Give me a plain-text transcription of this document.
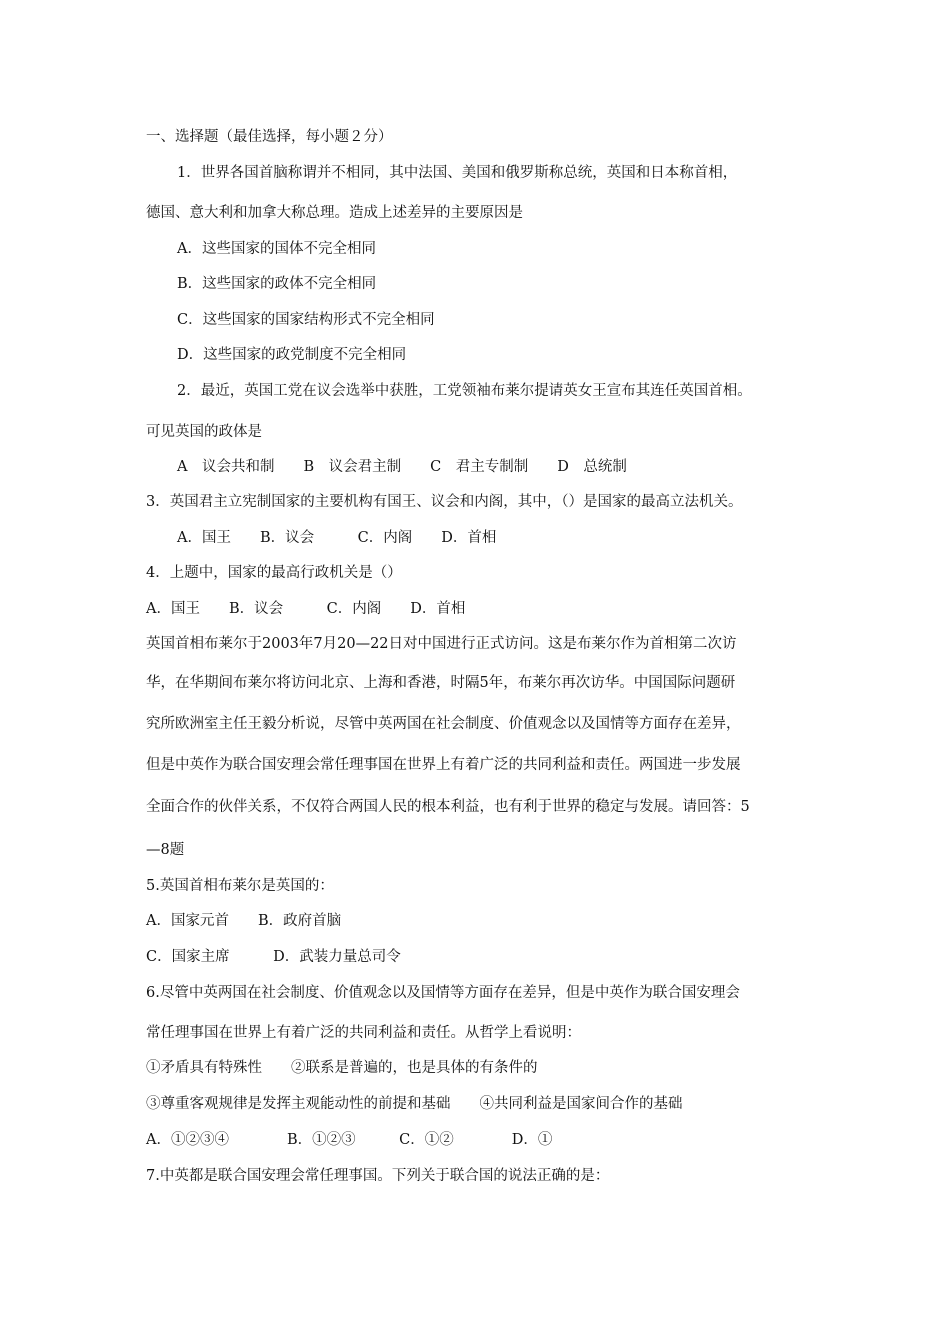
一、选择题（最佳选择，每小题２分）
1．世界各国首脑称谓并不相同，其中法国、美国和俄罗斯称总统，英国和日本称首相，
德国、意大利和加拿大称总理。造成上述差异的主要原因是
A．这些国家的国体不完全相同
B．这些国家的政体不完全相同
C．这些国家的国家结构形式不完全相同
D．这些国家的政党制度不完全相同
2．最近，英国工党在议会选举中获胜，工党领袖布莱尔提请英女王宣布其连任英国首相。
可见英国的政体是
A　议会共和制　　B　议会君主制　　C　君主专制制　　D　总统制
3．英国君主立宪制国家的主要机构有国王、议会和内阁，其中，（）是国家的最高立法机关。
A．国王　　B．议会　　　C．内阁　　D．首相
4．上题中，国家的最高行政机关是（）
A．国王　　B．议会　　　C．内阁　　D．首相
英国首相布莱尔于2003年7月20—22日对中国进行正式访问。这是布莱尔作为首相第二次访
华，在华期间布莱尔将访问北京、上海和香港，时隔5年，布莱尔再次访华。中国国际问题研
究所欧洲室主任王毅分析说，尽管中英两国在社会制度、价值观念以及国情等方面存在差异，
但是中英作为联合国安理会常任理事国在世界上有着广泛的共同利益和责任。两国进一步发展
全面合作的伙伴关系，不仅符合两国人民的根本利益，也有利于世界的稳定与发展。请回答：5
—8题
5.英国首相布莱尔是英国的：
A．国家元首　　B．政府首脑
C．国家主席　　　D．武装力量总司令
6.尽管中英两国在社会制度、价值观念以及国情等方面存在差异，但是中英作为联合国安理会
常任理事国在世界上有着广泛的共同利益和责任。从哲学上看说明：
①矛盾具有特殊性　　②联系是普遍的，也是具体的有条件的
③尊重客观规律是发挥主观能动性的前提和基础　　④共同利益是国家间合作的基础
A．①②③④　　　　B．①②③　　　C．①②　　　　D．①
7.中英都是联合国安理会常任理事国。下列关于联合国的说法正确的是：
